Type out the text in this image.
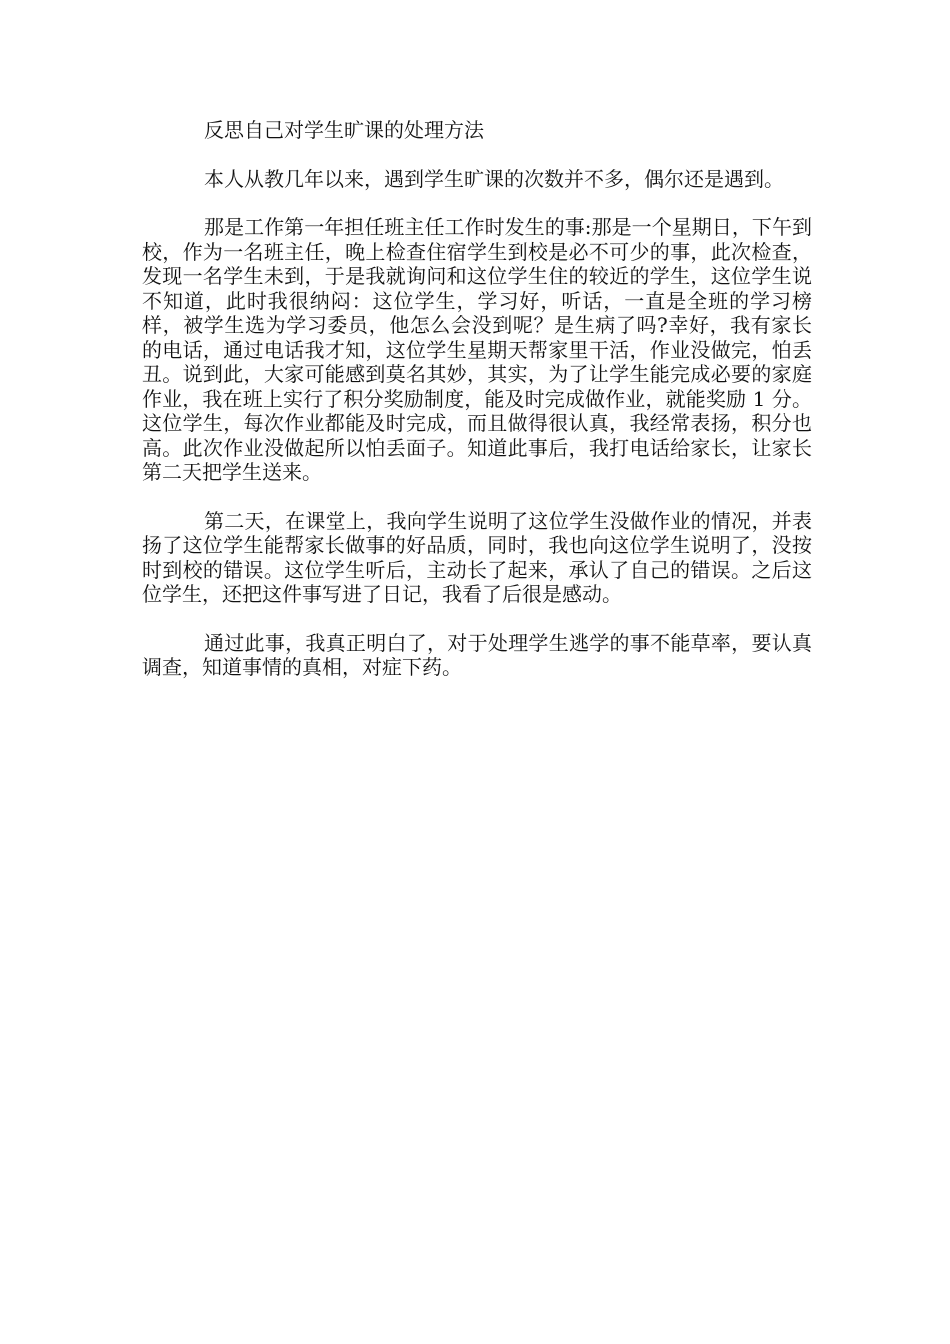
反思自己对学生旷课的处理方法

本人从教几年以来，遇到学生旷课的次数并不多，偶尔还是遇到。

那是工作第一年担任班主任工作时发生的事:那是一个星期日，下午到校，作为一名班主任，晚上检查住宿学生到校是必不可少的事，此次检查，发现一名学生未到，于是我就询问和这位学生住的较近的学生，这位学生说不知道，此时我很纳闷：这位学生，学习好，听话，一直是全班的学习榜样，被学生选为学习委员，他怎么会没到呢？是生病了吗?幸好，我有家长的电话，通过电话我才知，这位学生星期天帮家里干活，作业没做完，怕丢丑。说到此，大家可能感到莫名其妙，其实，为了让学生能完成必要的家庭作业，我在班上实行了积分奖励制度，能及时完成做作业，就能奖励 1 分。这位学生，每次作业都能及时完成，而且做得很认真，我经常表扬，积分也高。此次作业没做起所以怕丢面子。知道此事后，我打电话给家长，让家长第二天把学生送来。

第二天，在课堂上，我向学生说明了这位学生没做作业的情况，并表扬了这位学生能帮家长做事的好品质，同时，我也向这位学生说明了，没按时到校的错误。这位学生听后，主动长了起来，承认了自己的错误。之后这位学生，还把这件事写进了日记，我看了后很是感动。

通过此事，我真正明白了，对于处理学生逃学的事不能草率，要认真调查，知道事情的真相，对症下药。
